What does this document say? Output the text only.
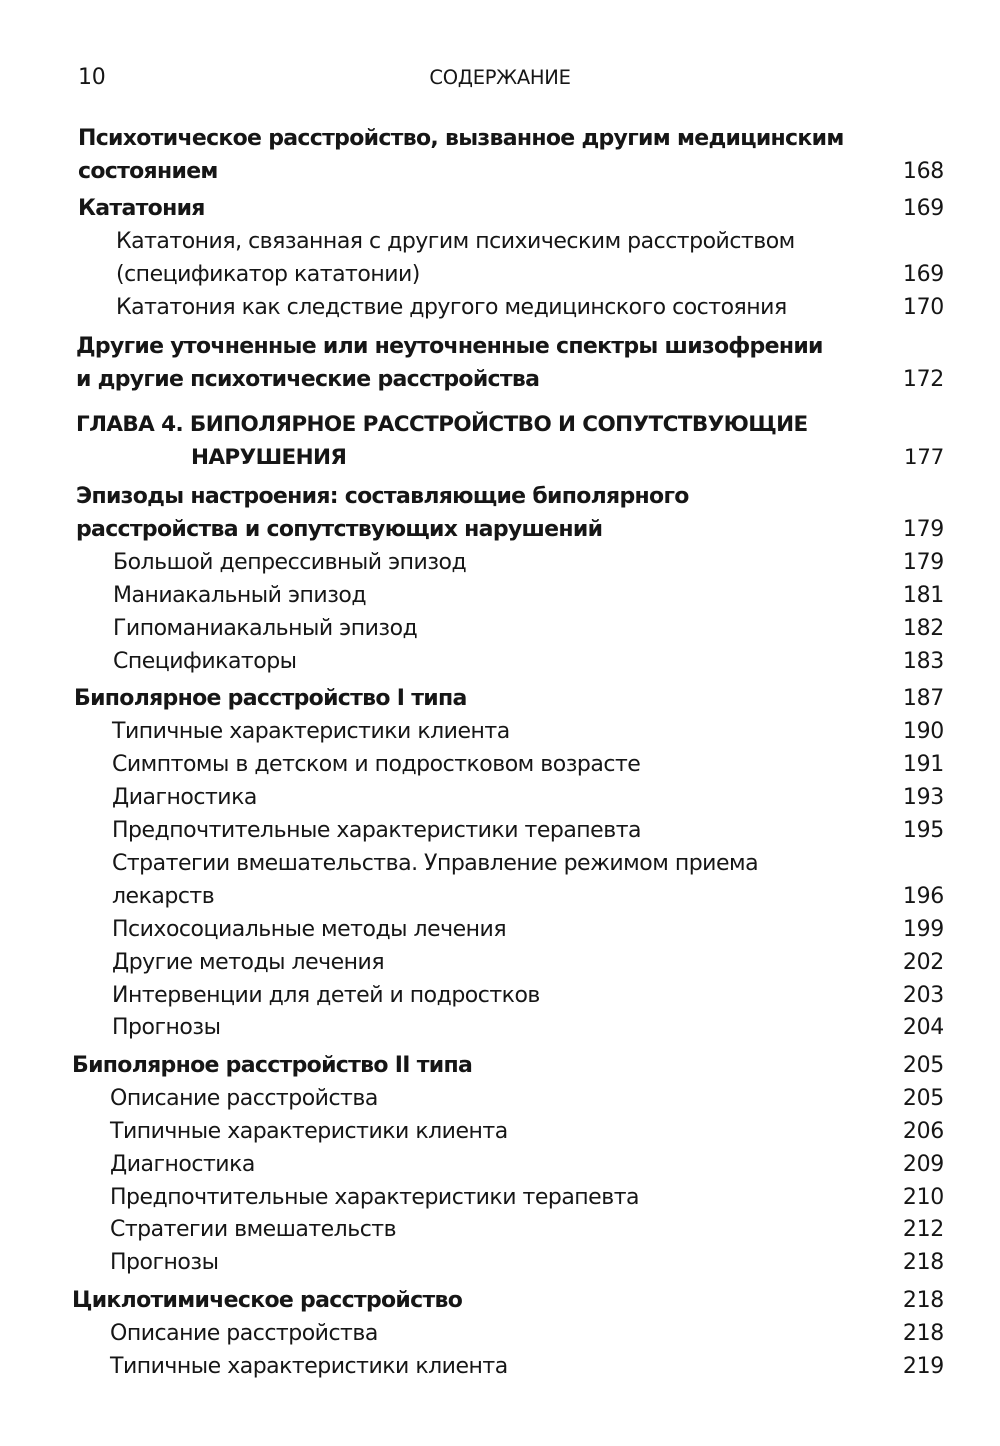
10	СОДЕРЖАНИЕ
Психотическое расстройство, вызванное другим медицинским
состоянием	168
Кататония	169
Кататония, связанная с другим психическим расстройством
(спецификатор кататонии)	169
Кататония как следствие другого медицинского состояния	170
Другие уточненные или неуточненные спектры шизофрении
и другие психотические расстройства	172
ГЛАВА 4. БИПОЛЯРНОЕ РАССТРОЙСТВО И СОПУТСТВУЮЩИЕ
НАРУШЕНИЯ	177
Эпизоды настроения: составляющие биполярного
расстройства и сопутствующих нарушений	179
Большой депрессивный эпизод	179
Маниакальный эпизод	181
Гипоманиакальный эпизод	182
Спецификаторы	183
Биполярное расстройство I типа	187
Типичные характеристики клиента	190
Симптомы в детском и подростковом возрасте	191
Диагностика	193
Предпочтительные характеристики терапевта	195
Стратегии вмешательства. Управление режимом приема
лекарств	196
Психосоциальные методы лечения	199
Другие методы лечения	202
Интервенции для детей и подростков	203
Прогнозы	204
Биполярное расстройство II типа	205
Описание расстройства	205
Типичные характеристики клиента	206
Диагностика	209
Предпочтительные характеристики терапевта	210
Стратегии вмешательств	212
Прогнозы	218
Циклотимическое расстройство	218
Описание расстройства	218
Типичные характеристики клиента	219
